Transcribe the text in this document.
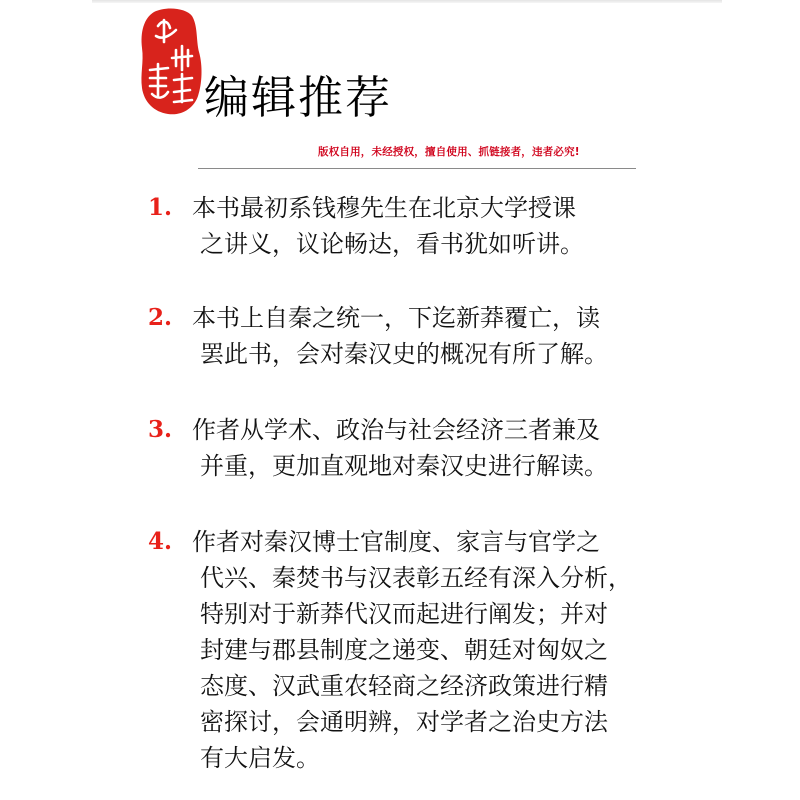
编辑推荐
版权自用，未经授权，擅自使用、抓链接者，违者必究!
1. 本书最初系钱穆先生在北京大学授课
之讲义，议论畅达，看书犹如听讲。
2. 本书上自秦之统一，下迄新莽覆亡，读
罢此书，会对秦汉史的概况有所了解。
3. 作者从学术、政治与社会经济三者兼及
并重，更加直观地对秦汉史进行解读。
4. 作者对秦汉博士官制度、家言与官学之
代兴、秦焚书与汉表彰五经有深入分析，
特别对于新莽代汉而起进行阐发；并对
封建与郡县制度之递变、朝廷对匈奴之
态度、汉武重农轻商之经济政策进行精
密探讨，会通明辨，对学者之治史方法
有大启发。
